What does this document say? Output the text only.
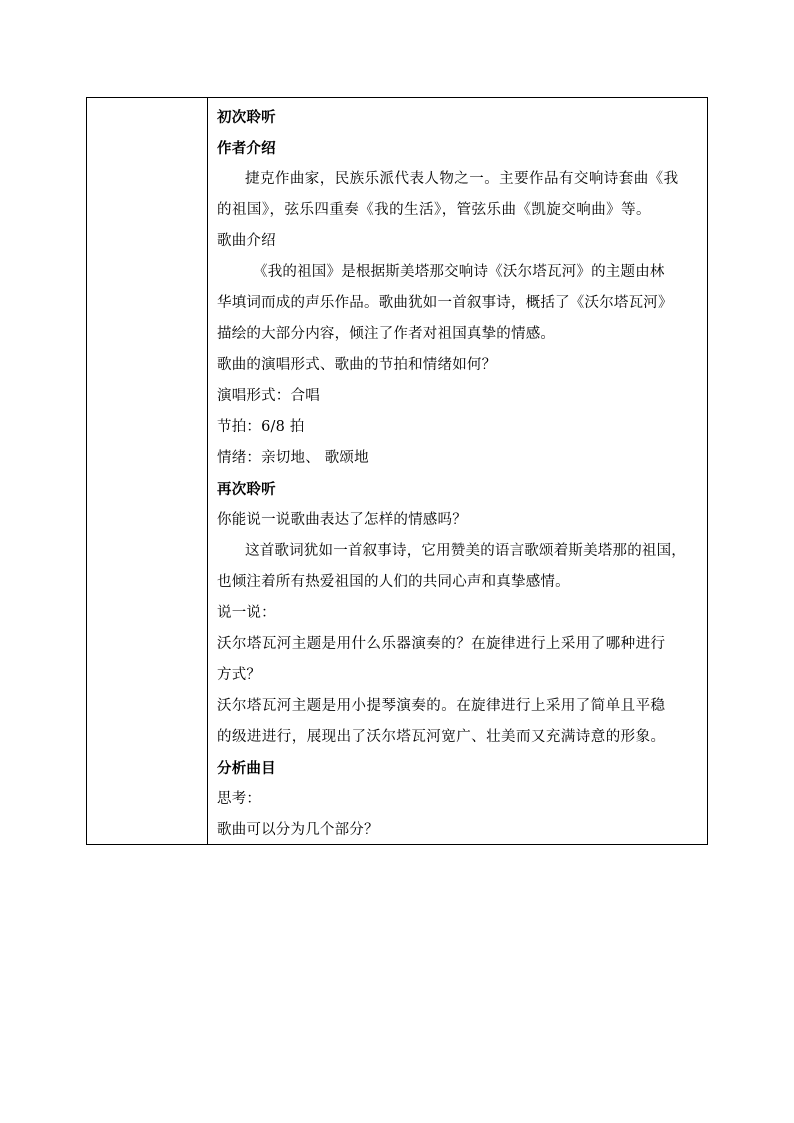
初次聆听
作者介绍
捷克作曲家，民族乐派代表人物之一。主要作品有交响诗套曲《我
的祖国》，弦乐四重奏《我的生活》，管弦乐曲《凯旋交响曲》等。
歌曲介绍
《我的祖国》是根据斯美塔那交响诗《沃尔塔瓦河》的主题由林
华填词而成的声乐作品。歌曲犹如一首叙事诗，概括了《沃尔塔瓦河》
描绘的大部分内容，倾注了作者对祖国真挚的情感。
歌曲的演唱形式、歌曲的节拍和情绪如何？
演唱形式：合唱
节拍：6/8 拍
情绪：亲切地、 歌颂地
再次聆听
你能说一说歌曲表达了怎样的情感吗？
这首歌词犹如一首叙事诗，它用赞美的语言歌颂着斯美塔那的祖国，
也倾注着所有热爱祖国的人们的共同心声和真挚感情。
说一说：
沃尔塔瓦河主题是用什么乐器演奏的？在旋律进行上采用了哪种进行
方式？
沃尔塔瓦河主题是用小提琴演奏的。在旋律进行上采用了简单且平稳
的级进进行，展现出了沃尔塔瓦河宽广、壮美而又充满诗意的形象。
分析曲目
思考：
歌曲可以分为几个部分？
